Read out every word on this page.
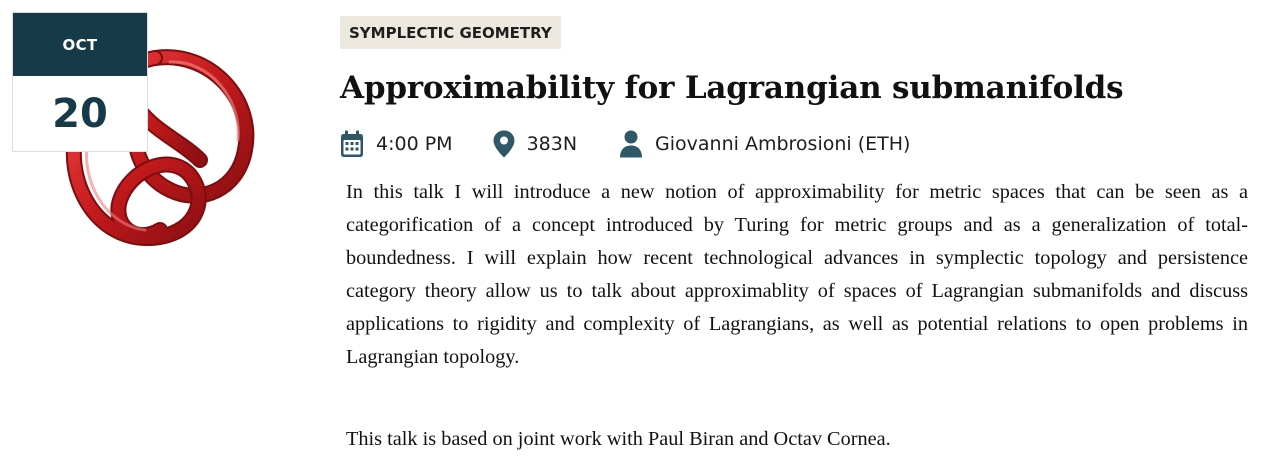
OCT
20
SYMPLECTIC GEOMETRY
Approximability for Lagrangian submanifolds
4:00 PM	383N	Giovanni Ambrosioni (ETH)

In this talk I will introduce a new notion of approximability for metric spaces that can be seen as a categorification of a concept introduced by Turing for metric groups and as a generalization of total-boundedness. I will explain how recent technological advances in symplectic topology and persistence category theory allow us to talk about approximablity of spaces of Lagrangian submanifolds and discuss applications to rigidity and complexity of Lagrangians, as well as potential relations to open problems in Lagrangian topology.

This talk is based on joint work with Paul Biran and Octav Cornea.
